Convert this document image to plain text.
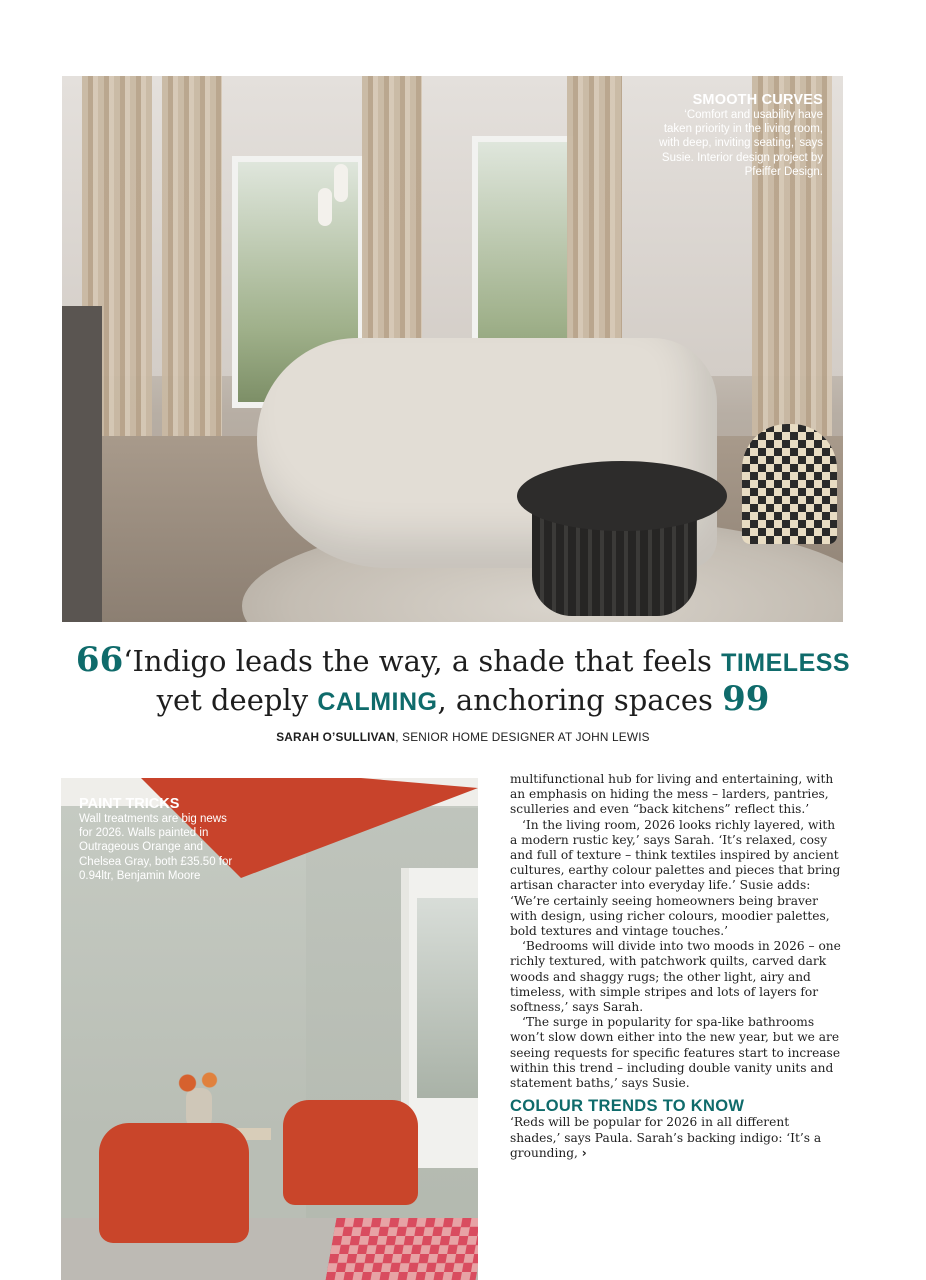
SMOOTH CURVES
‘Comfort and usability have taken priority in the living room, with deep, inviting seating,’ says Susie. Interior design project by Pfeiffer Design.
66‘Indigo leads the way, a shade that feels TIMELESS
yet deeply CALMING, anchoring spaces 99
SARAH O’SULLIVAN, SENIOR HOME DESIGNER AT JOHN LEWIS
PAINT TRICKS
Wall treatments are big news for 2026. Walls painted in Outrageous Orange and Chelsea Gray, both £35.50 for 0.94ltr, Benjamin Moore

multifunctional hub for living and entertaining, with an emphasis on hiding the mess – larders, pantries, sculleries and even “back kitchens” reflect this.’

‘In the living room, 2026 looks richly layered, with a modern rustic key,’ says Sarah. ‘It’s relaxed, cosy and full of texture – think textiles inspired by ancient cultures, earthy colour palettes and pieces that bring artisan character into everyday life.’ Susie adds: ‘We’re certainly seeing homeowners being braver with design, using richer colours, moodier palettes, bold textures and vintage touches.’

‘Bedrooms will divide into two moods in 2026 – one richly textured, with patchwork quilts, carved dark woods and shaggy rugs; the other light, airy and timeless, with simple stripes and lots of layers for softness,’ says Sarah.

‘The surge in popularity for spa-like bathrooms won’t slow down either into the new year, but we are seeing requests for specific features start to increase within this trend – including double vanity units and statement baths,’ says Susie.

COLOUR TRENDS TO KNOW

‘Reds will be popular for 2026 in all different shades,’ says Paula. Sarah’s backing indigo: ‘It’s a grounding, ›
